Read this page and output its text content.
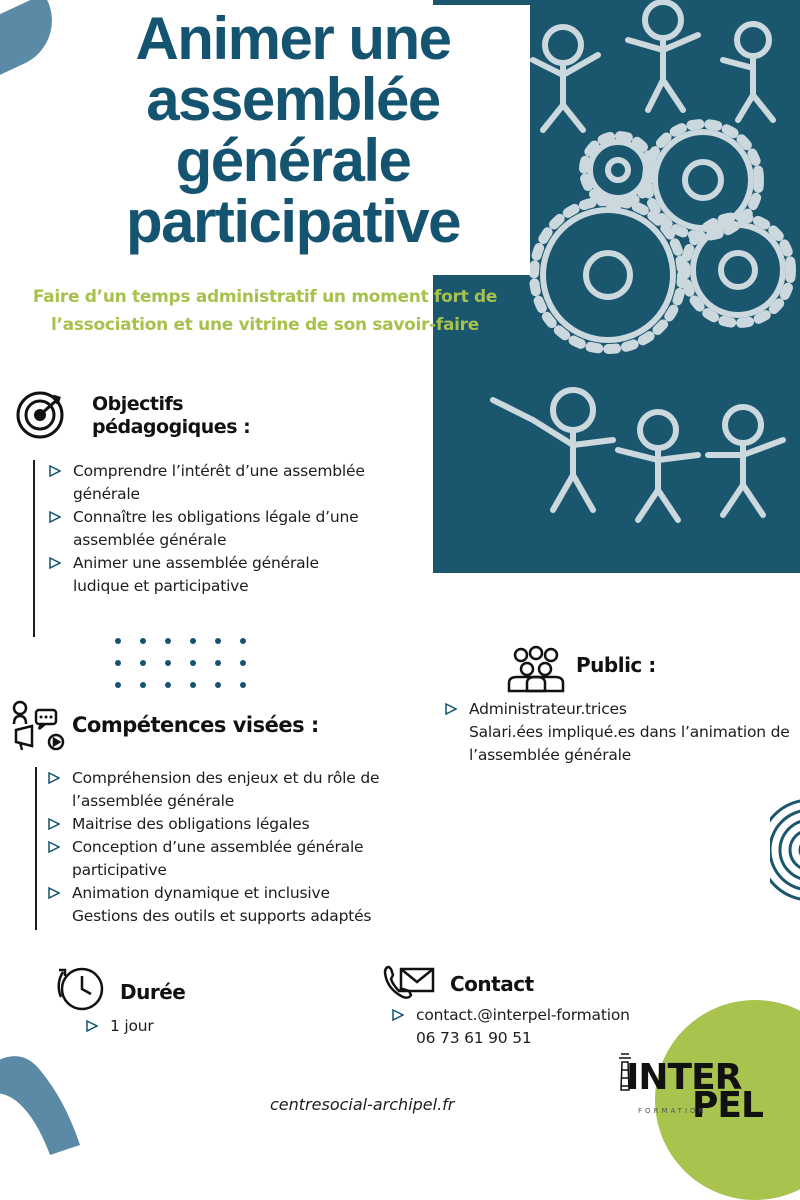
Animer une assemblée générale participative
Faire d’un temps administratif un moment fort de
l’association et une vitrine de son savoir-faire
Objectifs
pédagogiques :
Comprendre l’intérêt d’une assemblée
générale
Connaître les obligations légale d’une
assemblée générale
Animer une assemblée générale
ludique et participative
Public :
Administrateur.trices
Salari.ées impliqué.es dans l’animation de
l’assemblée générale
Compétences visées :
Compréhension des enjeux et du rôle de
l’assemblée générale
Maitrise des obligations légales
Conception d’une assemblée générale
participative
Animation dynamique et inclusive
Gestions des outils et supports adaptés
Durée
1 jour
Contact
contact.@interpel-formation
06 73 61 90 51
centresocial-archipel.fr
INTER
PEL
FORMATION
